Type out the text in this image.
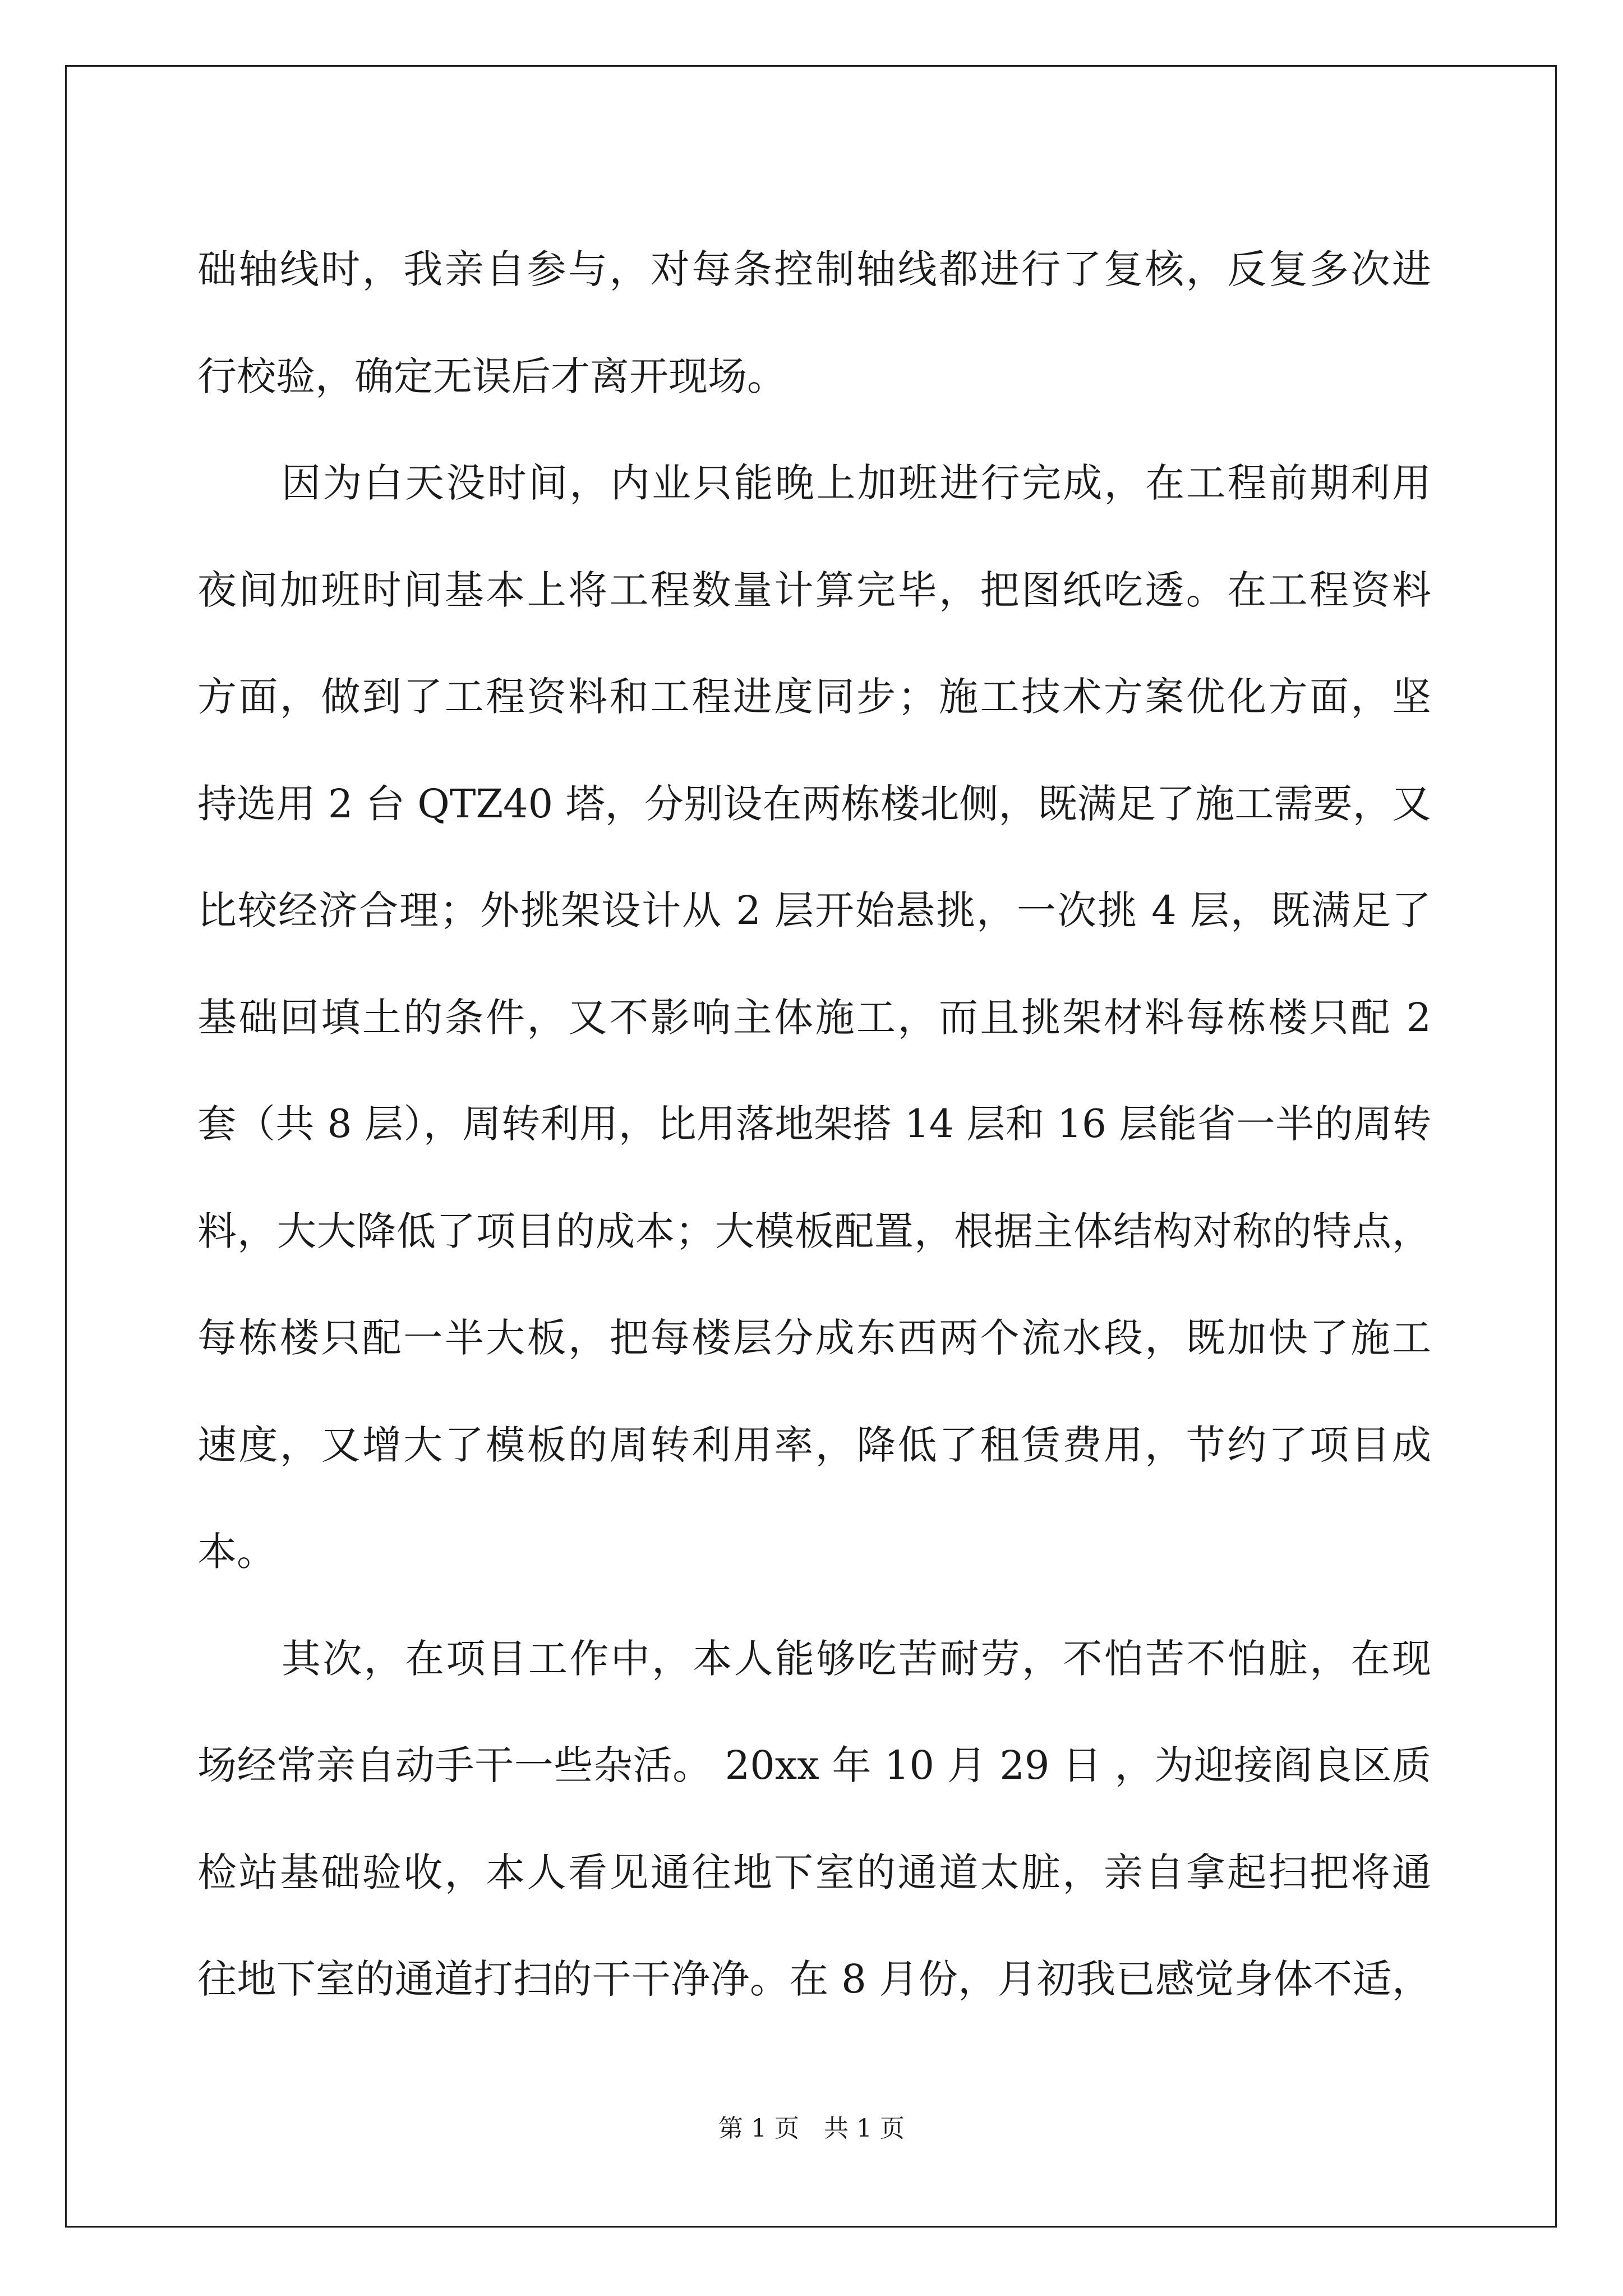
础轴线时，我亲自参与，对每条控制轴线都进行了复核，反复多次进
行校验，确定无误后才离开现场。
因为白天没时间，内业只能晚上加班进行完成，在工程前期利用
夜间加班时间基本上将工程数量计算完毕，把图纸吃透。在工程资料
方面，做到了工程资料和工程进度同步；施工技术方案优化方面，坚
持选用 2 台 QTZ40 塔，分别设在两栋楼北侧，既满足了施工需要，又
比较经济合理；外挑架设计从 2 层开始悬挑，一次挑 4 层，既满足了
基础回填土的条件，又不影响主体施工，而且挑架材料每栋楼只配 2
套（共 8 层），周转利用，比用落地架搭 14 层和 16 层能省一半的周转
料，大大降低了项目的成本；大模板配置，根据主体结构对称的特点，
每栋楼只配一半大板，把每楼层分成东西两个流水段，既加快了施工
速度，又增大了模板的周转利用率，降低了租赁费用，节约了项目成
本。
其次，在项目工作中，本人能够吃苦耐劳，不怕苦不怕脏，在现
场经常亲自动手干一些杂活。 20xx 年 10 月 29 日 ，为迎接阎良区质
检站基础验收，本人看见通往地下室的通道太脏，亲自拿起扫把将通
往地下室的通道打扫的干干净净。在 8 月份，月初我已感觉身体不适，
第 1 页　共 1 页
